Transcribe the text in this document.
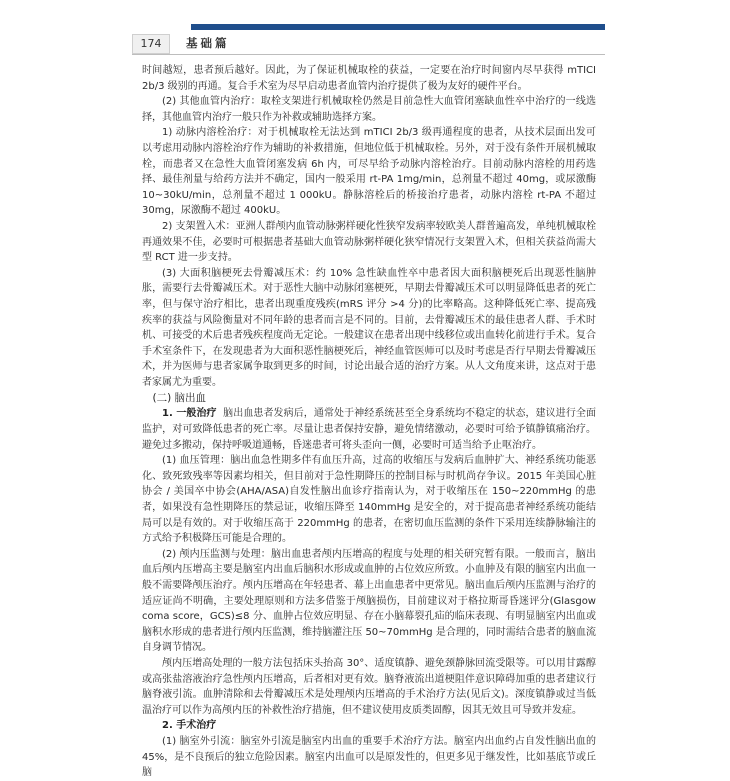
174	基础篇

时间越短，患者预后越好。因此，为了保证机械取栓的获益，一定要在治疗时间窗内尽早获得 mTICI 2b/3 级别的再通。复合手术室为尽早启动患者血管内治疗提供了极为友好的硬件平台。

(2) 其他血管内治疗：取栓支架进行机械取栓仍然是目前急性大血管闭塞缺血性卒中治疗的一线选择，其他血管内治疗一般只作为补救或辅助选择方案。

1) 动脉内溶栓治疗：对于机械取栓无法达到 mTICI 2b/3 级再通程度的患者，从技术层面出发可以考虑用动脉内溶栓治疗作为辅助的补救措施，但地位低于机械取栓。另外，对于没有条件开展机械取栓，而患者又在急性大血管闭塞发病 6h 内，可尽早给予动脉内溶栓治疗。目前动脉内溶栓的用药选择、最佳剂量与给药方法并不确定，国内一般采用 rt-PA 1mg/min，总剂量不超过 40mg，或尿激酶 10~30kU/min，总剂量不超过 1 000kU。静脉溶栓后的桥接治疗患者，动脉内溶栓 rt-PA 不超过 30mg，尿激酶不超过 400kU。

2) 支架置入术：亚洲人群颅内血管动脉粥样硬化性狭窄发病率较欧美人群普遍高发，单纯机械取栓再通效果不佳，必要时可根据患者基础大血管动脉粥样硬化狭窄情况行支架置入术，但相关获益尚需大型 RCT 进一步支持。

(3) 大面积脑梗死去骨瓣减压术：约 10% 急性缺血性卒中患者因大面积脑梗死后出现恶性脑肿胀，需要行去骨瓣减压术。对于恶性大脑中动脉闭塞梗死，早期去骨瓣减压术可以明显降低患者的死亡率，但与保守治疗相比，患者出现重度残疾(mRS 评分 >4 分)的比率略高。这种降低死亡率、提高残疾率的获益与风险衡量对不同年龄的患者而言是不同的。目前，去骨瓣减压术的最佳患者人群、手术时机、可接受的术后患者残疾程度尚无定论。一般建议在患者出现中线移位或出血转化前进行手术。复合手术室条件下，在发现患者为大面积恶性脑梗死后，神经血管医师可以及时考虑是否行早期去骨瓣减压术，并为医师与患者家属争取到更多的时间，讨论出最合适的治疗方案。从人文角度来讲，这点对于患者家属尤为重要。

(二) 脑出血

1. 一般治疗 脑出血患者发病后，通常处于神经系统甚至全身系统均不稳定的状态，建议进行全面监护，对可致降低患者的死亡率。尽量让患者保持安静，避免情绪激动，必要时可给予镇静镇痛治疗。避免过多搬动，保持呼吸道通畅，昏迷患者可将头歪向一侧，必要时可适当给予止呕治疗。

(1) 血压管理：脑出血急性期多伴有血压升高，过高的收缩压与发病后血肿扩大、神经系统功能恶化、致死致残率等因素均相关，但目前对于急性期降压的控制目标与时机尚存争议。2015 年美国心脏协会 / 美国卒中协会(AHA/ASA)自发性脑出血诊疗指南认为，对于收缩压在 150~220mmHg 的患者，如果没有急性期降压的禁忌证，收缩压降至 140mmHg 是安全的，对于提高患者神经系统功能结局可以是有效的。对于收缩压高于 220mmHg 的患者，在密切血压监测的条件下采用连续静脉输注的方式给予积极降压可能是合理的。

(2) 颅内压监测与处理：脑出血患者颅内压增高的程度与处理的相关研究暂有限。一般而言，脑出血后颅内压增高主要是脑室内出血后脑积水形成或血肿的占位效应所致。小血肿及有限的脑室内出血一般不需要降颅压治疗。颅内压增高在年轻患者、幕上出血患者中更常见。脑出血后颅内压监测与治疗的适应证尚不明确，主要处理原则和方法多借鉴于颅脑损伤，目前建议对于格拉斯哥昏迷评分(Glasgow coma score，GCS)≤8 分、血肿占位效应明显、存在小脑幕裂孔疝的临床表现、有明显脑室内出血或脑积水形成的患者进行颅内压监测，维持脑灌注压 50~70mmHg 是合理的，同时需结合患者的脑血流自身调节情况。

颅内压增高处理的一般方法包括床头抬高 30°、适度镇静、避免颈静脉回流受限等。可以用甘露醇或高张盐溶液治疗急性颅内压增高，后者相对更有效。脑脊液流出道梗阻伴意识障碍加重的患者建议行脑脊液引流。血肿清除和去骨瓣减压术是处理颅内压增高的手术治疗方法(见后文)。深度镇静或过当低温治疗可以作为高颅内压的补救性治疗措施，但不建议使用皮质类固醇，因其无效且可导致并发症。

2. 手术治疗

(1) 脑室外引流：脑室外引流是脑室内出血的重要手术治疗方法。脑室内出血约占自发性脑出血的 45%，是不良预后的独立危险因素。脑室内出血可以是原发性的，但更多见于继发性，比如基底节或丘脑
